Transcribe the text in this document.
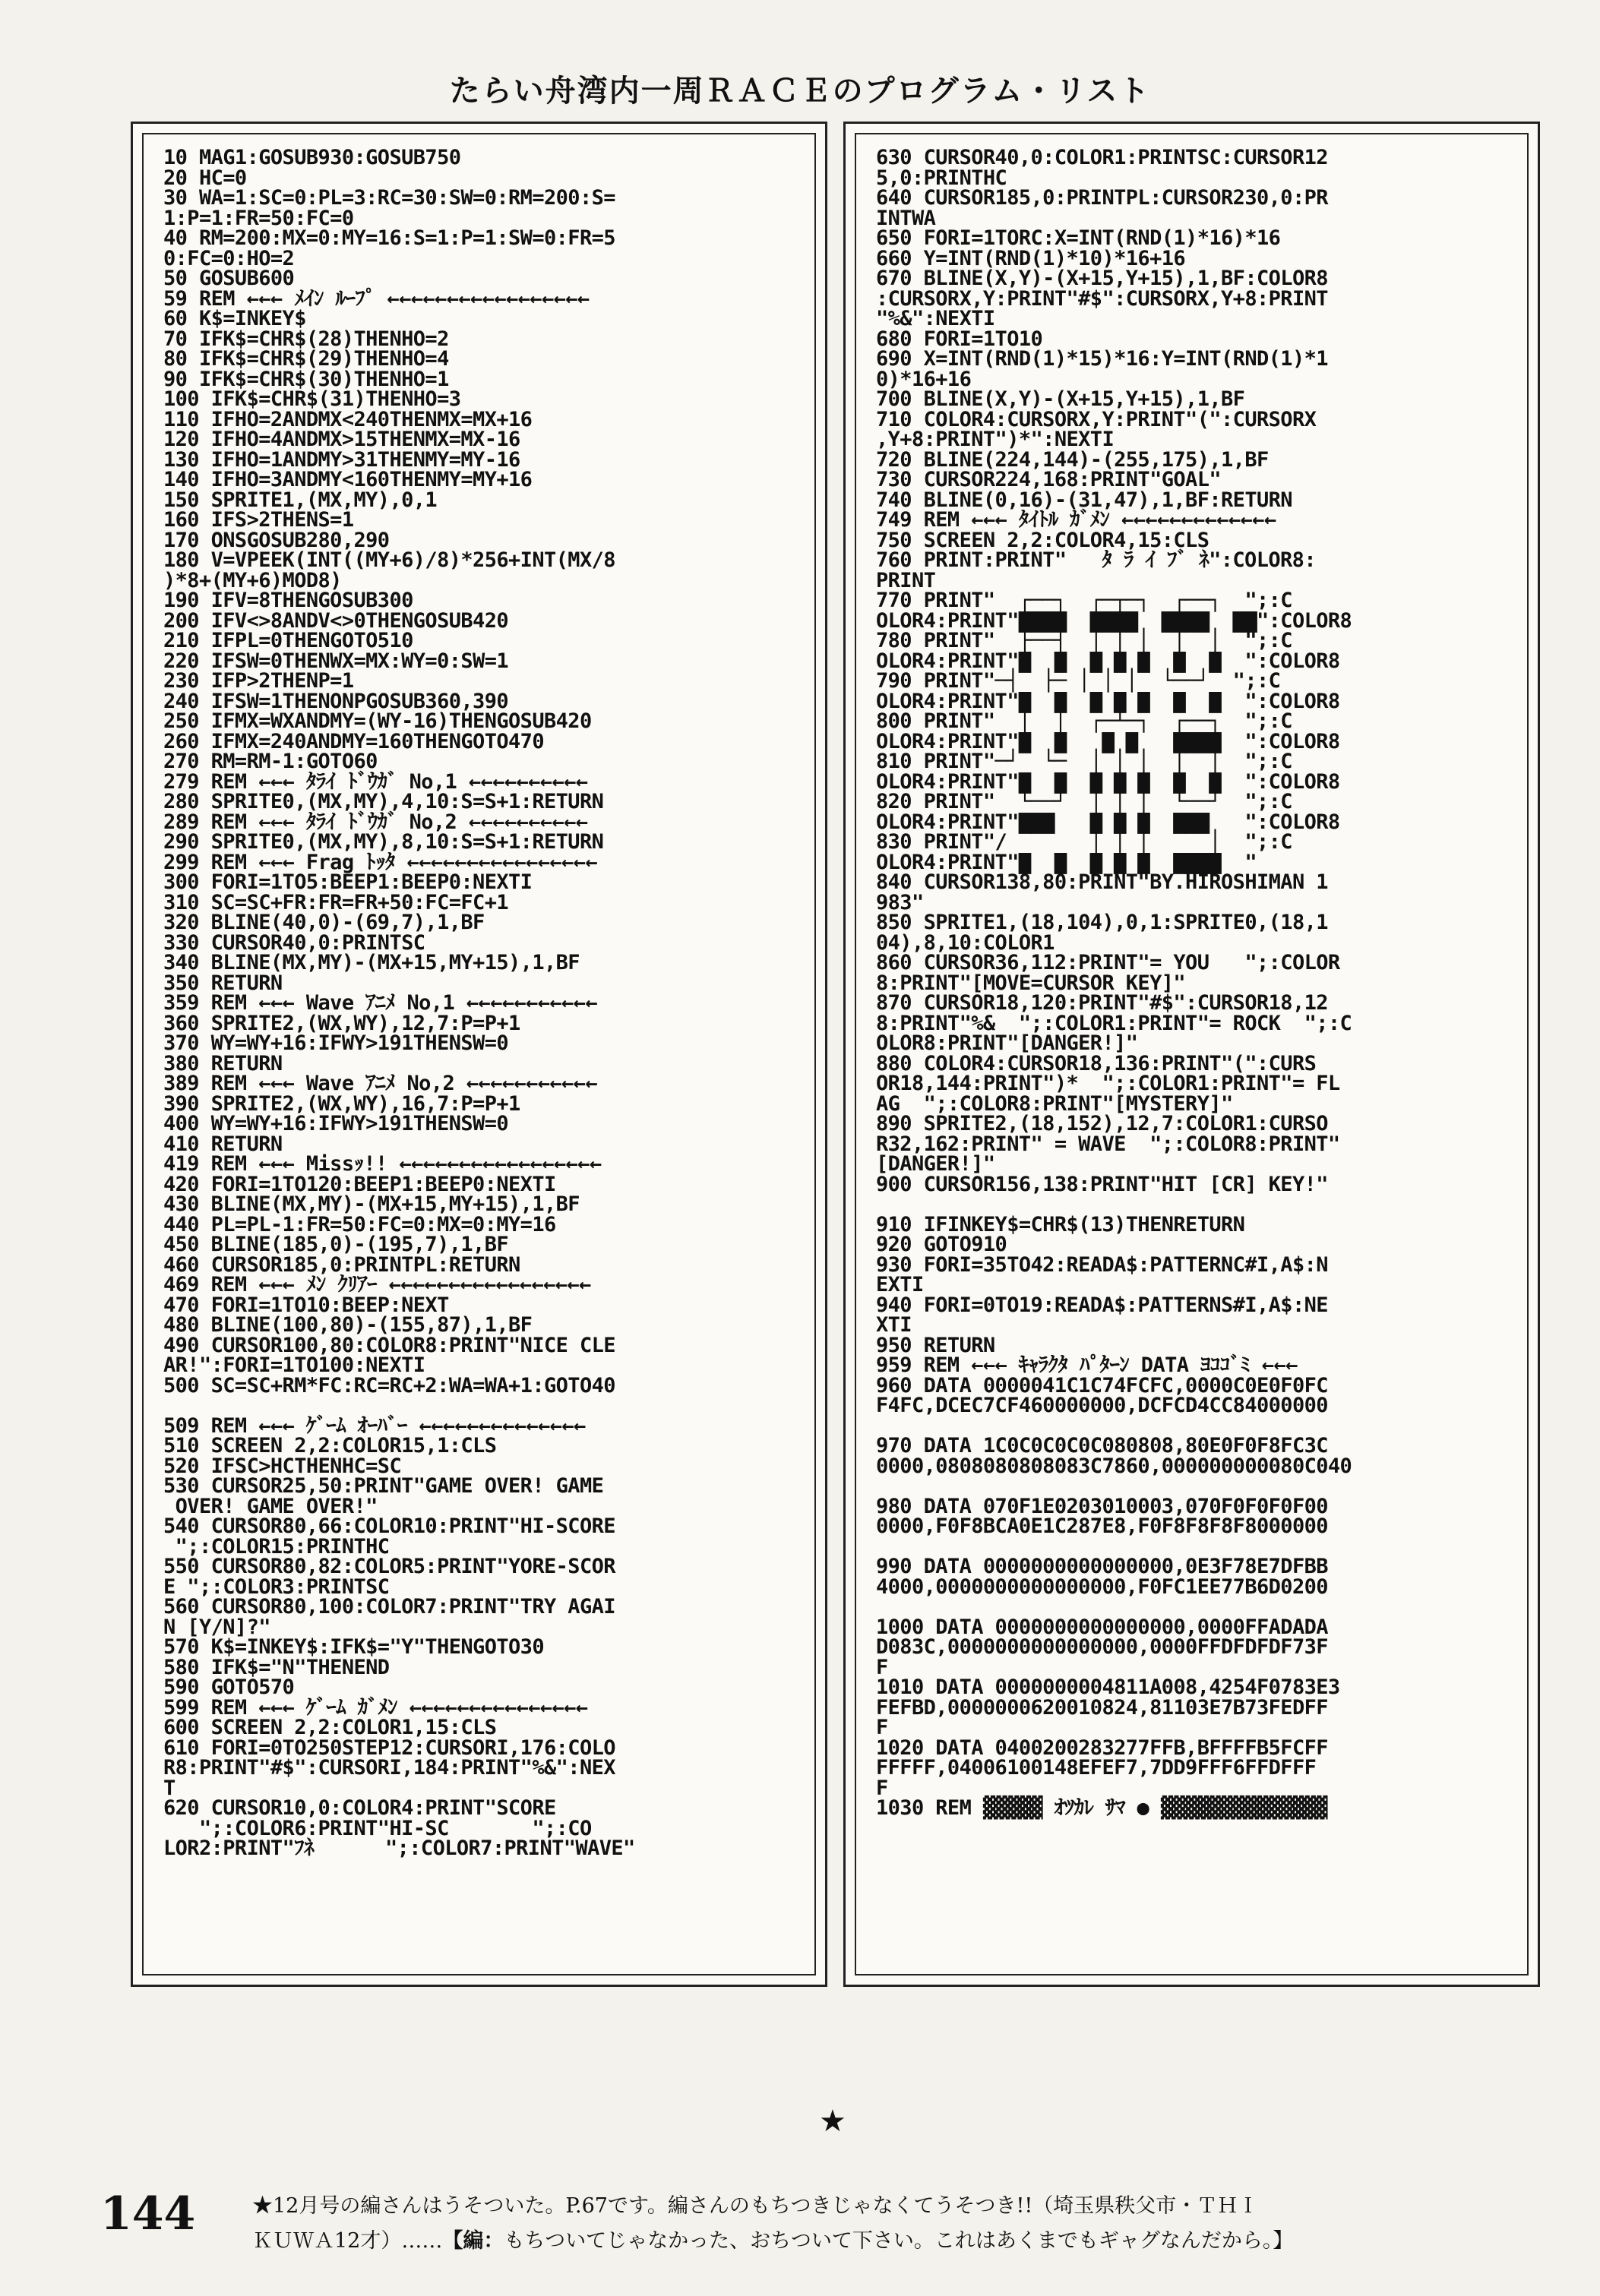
たらい舟湾内一周ＲＡＣＥのプログラム・リスト
10 MAG1:GOSUB930:GOSUB750
20 HC=0
30 WA=1:SC=0:PL=3:RC=30:SW=0:RM=200:S=
1:P=1:FR=50:FC=0
40 RM=200:MX=0:MY=16:S=1:P=1:SW=0:FR=5
0:FC=0:HO=2
50 GOSUB600
59 REM ←←← ﾒｲﾝ ﾙｰﾌﾟ ←←←←←←←←←←←←←←←←←
60 K$=INKEY$
70 IFK$=CHR$(28)THENHO=2
80 IFK$=CHR$(29)THENHO=4
90 IFK$=CHR$(30)THENHO=1
100 IFK$=CHR$(31)THENHO=3
110 IFHO=2ANDMX<240THENMX=MX+16
120 IFHO=4ANDMX>15THENMX=MX-16
130 IFHO=1ANDMY>31THENMY=MY-16
140 IFHO=3ANDMY<160THENMY=MY+16
150 SPRITE1,(MX,MY),0,1
160 IFS>2THENS=1
170 ONSGOSUB280,290
180 V=VPEEK(INT((MY+6)/8)*256+INT(MX/8
)*8+(MY+6)MOD8)
190 IFV=8THENGOSUB300
200 IFV<>8ANDV<>0THENGOSUB420
210 IFPL=0THENGOTO510
220 IFSW=0THENWX=MX:WY=0:SW=1
230 IFP>2THENP=1
240 IFSW=1THENONPGOSUB360,390
250 IFMX=WXANDMY=(WY-16)THENGOSUB420
260 IFMX=240ANDMY=160THENGOTO470
270 RM=RM-1:GOTO60
279 REM ←←← ﾀﾗｲ ﾄﾞｳｶﾞ No,1 ←←←←←←←←←←
280 SPRITE0,(MX,MY),4,10:S=S+1:RETURN
289 REM ←←← ﾀﾗｲ ﾄﾞｳｶﾞ No,2 ←←←←←←←←←←
290 SPRITE0,(MX,MY),8,10:S=S+1:RETURN
299 REM ←←← Frag ﾄｯﾀ ←←←←←←←←←←←←←←←←
300 FORI=1TO5:BEEP1:BEEP0:NEXTI
310 SC=SC+FR:FR=FR+50:FC=FC+1
320 BLINE(40,0)-(69,7),1,BF
330 CURSOR40,0:PRINTSC
340 BLINE(MX,MY)-(MX+15,MY+15),1,BF
350 RETURN
359 REM ←←← Wave ｱﾆﾒ No,1 ←←←←←←←←←←←
360 SPRITE2,(WX,WY),12,7:P=P+1
370 WY=WY+16:IFWY>191THENSW=0
380 RETURN
389 REM ←←← Wave ｱﾆﾒ No,2 ←←←←←←←←←←←
390 SPRITE2,(WX,WY),16,7:P=P+1
400 WY=WY+16:IFWY>191THENSW=0
410 RETURN
419 REM ←←← Missｯ!! ←←←←←←←←←←←←←←←←←
420 FORI=1TO120:BEEP1:BEEP0:NEXTI
430 BLINE(MX,MY)-(MX+15,MY+15),1,BF
440 PL=PL-1:FR=50:FC=0:MX=0:MY=16
450 BLINE(185,0)-(195,7),1,BF
460 CURSOR185,0:PRINTPL:RETURN
469 REM ←←← ﾒﾝ ｸﾘｱｰ ←←←←←←←←←←←←←←←←←
470 FORI=1TO10:BEEP:NEXT
480 BLINE(100,80)-(155,87),1,BF
490 CURSOR100,80:COLOR8:PRINT"NICE CLE
AR!":FORI=1TO100:NEXTI
500 SC=SC+RM*FC:RC=RC+2:WA=WA+1:GOTO40

509 REM ←←← ｹﾞｰﾑ ｵｰﾊﾞｰ ←←←←←←←←←←←←←←
510 SCREEN 2,2:COLOR15,1:CLS
520 IFSC>HCTHENHC=SC
530 CURSOR25,50:PRINT"GAME OVER! GAME
OVER! GAME OVER!"
540 CURSOR80,66:COLOR10:PRINT"HI-SCORE
";:COLOR15:PRINTHC
550 CURSOR80,82:COLOR5:PRINT"YORE-SCOR
E ";:COLOR3:PRINTSC
560 CURSOR80,100:COLOR7:PRINT"TRY AGAI
N [Y/N]?"
570 K$=INKEY$:IFK$="Y"THENGOTO30
580 IFK$="N"THENEND
590 GOTO570
599 REM ←←← ｹﾞｰﾑ ｶﾞﾒﾝ ←←←←←←←←←←←←←←←
600 SCREEN 2,2:COLOR1,15:CLS
610 FORI=0TO250STEP12:CURSORI,176:COLO
R8:PRINT"#$":CURSORI,184:PRINT"%&":NEX
T
620 CURSOR10,0:COLOR4:PRINT"SCORE
";:COLOR6:PRINT"HI-SC       ";:CO
LOR2:PRINT"ﾌﾈ      ";:COLOR7:PRINT"WAVE"
630 CURSOR40,0:COLOR1:PRINTSC:CURSOR12
5,0:PRINTHC
640 CURSOR185,0:PRINTPL:CURSOR230,0:PR
INTWA
650 FORI=1TORC:X=INT(RND(1)*16)*16
660 Y=INT(RND(1)*10)*16+16
670 BLINE(X,Y)-(X+15,Y+15),1,BF:COLOR8
:CURSORX,Y:PRINT"#$":CURSORX,Y+8:PRINT
"%&":NEXTI
680 FORI=1TO10
690 X=INT(RND(1)*15)*16:Y=INT(RND(1)*1
0)*16+16
700 BLINE(X,Y)-(X+15,Y+15),1,BF
710 COLOR4:CURSORX,Y:PRINT"(":CURSORX
,Y+8:PRINT")*":NEXTI
720 BLINE(224,144)-(255,175),1,BF
730 CURSOR224,168:PRINT"GOAL"
740 BLINE(0,16)-(31,47),1,BF:RETURN
749 REM ←←← ﾀｲﾄﾙ ｶﾞﾒﾝ ←←←←←←←←←←←←←
750 SCREEN 2,2:COLOR4,15:CLS
760 PRINT:PRINT"   ﾀ ﾗ ｲ ﾌﾞ ﾈ":COLOR8:
PRINT
770 PRINT"  ┌──┐  ┌─┬─┐  ┌──┐  ";:C
OLOR4:PRINT"▇▇▇▇  ▇▇▇▇  ▇▇▇▇  ▇▇":COLOR8
780 PRINT"  ├──┤  │ │ │  │  │  ";:C
OLOR4:PRINT"▇  ▇  ▇ ▇ ▇  ▇  ▇  ":COLOR8
790 PRINT"─┤  ├─ │ │ │  └──┘  ";:C
OLOR4:PRINT"▇  ▇  ▇ ▇ ▇  ▇  ▇  ":COLOR8
800 PRINT"  │  │  ┌─┴─┐  ┌──┐  ";:C
OLOR4:PRINT"▇  ▇   ▇ ▇   ▇▇▇▇  ":COLOR8
810 PRINT"─┘  └─  │ │ │  │  │  ";:C
OLOR4:PRINT"▇  ▇  ▇ ▇ ▇  ▇  ▇  ":COLOR8
820 PRINT"  └──┘  │ │ │  └──┘  ";:C
OLOR4:PRINT"▇▇▇   ▇ ▇ ▇  ▇▇▇   ":COLOR8
830 PRINT"/       │ │ │     │  ";:C
OLOR4:PRINT"▇  ▇  ▇ ▇ ▇  ▇▇▇▇  "
840 CURSOR138,80:PRINT"BY.HIROSHIMAN 1
983"
850 SPRITE1,(18,104),0,1:SPRITE0,(18,1
04),8,10:COLOR1
860 CURSOR36,112:PRINT"= YOU   ";:COLOR
8:PRINT"[MOVE=CURSOR KEY]"
870 CURSOR18,120:PRINT"#$":CURSOR18,12
8:PRINT"%&  ";:COLOR1:PRINT"= ROCK  ";:C
OLOR8:PRINT"[DANGER!]"
880 COLOR4:CURSOR18,136:PRINT"(":CURS
OR18,144:PRINT")*  ";:COLOR1:PRINT"= FL
AG  ";:COLOR8:PRINT"[MYSTERY]"
890 SPRITE2,(18,152),12,7:COLOR1:CURSO
R32,162:PRINT" = WAVE  ";:COLOR8:PRINT"
[DANGER!]"
900 CURSOR156,138:PRINT"HIT [CR] KEY!"

910 IFINKEY$=CHR$(13)THENRETURN
920 GOTO910
930 FORI=35TO42:READA$:PATTERNC#I,A$:N
EXTI
940 FORI=0TO19:READA$:PATTERNS#I,A$:NE
XTI
950 RETURN
959 REM ←←← ｷｬﾗｸﾀ ﾊﾟﾀｰﾝ DATA ﾖｺｺﾞﾐ ←←←
960 DATA 0000041C1C74FCFC,0000C0E0F0FC
F4FC,DCEC7CF460000000,DCFCD4CC84000000

970 DATA 1C0C0C0C0C080808,80E0F0F8FC3C
0000,0808080808083C7860,000000000080C040

980 DATA 070F1E0203010003,070F0F0F0F00
0000,F0F8BCA0E1C287E8,F0F8F8F8F8000000

990 DATA 0000000000000000,0E3F78E7DFBB
4000,0000000000000000,F0FC1EE77B6D0200

1000 DATA 0000000000000000,0000FFADADA
D083C,0000000000000000,0000FFDFDFDF73F
F
1010 DATA 0000000004811A008,4254F0783E3
FEFBD,0000000620010824,81103E7B73FEDFF
F
1020 DATA 0400200283277FFB,BFFFFB5FCFF
FFFFF,04006100148EFEF7,7DD9FFF6FFDFFF
F
1030 REM ▓▓▓▓▓ ｵﾂｶﾚ ｻﾏ ● ▓▓▓▓▓▓▓▓▓▓▓▓▓▓
★
144	★12月号の編さんはうそついた。P.67です。編さんのもちつきじゃなくてうそつき!!（埼玉県秩父市・ＴＨＩ
ＫＵＷＡ12才）……【編：もちついてじゃなかった、おちついて下さい。これはあくまでもギャグなんだから。】
